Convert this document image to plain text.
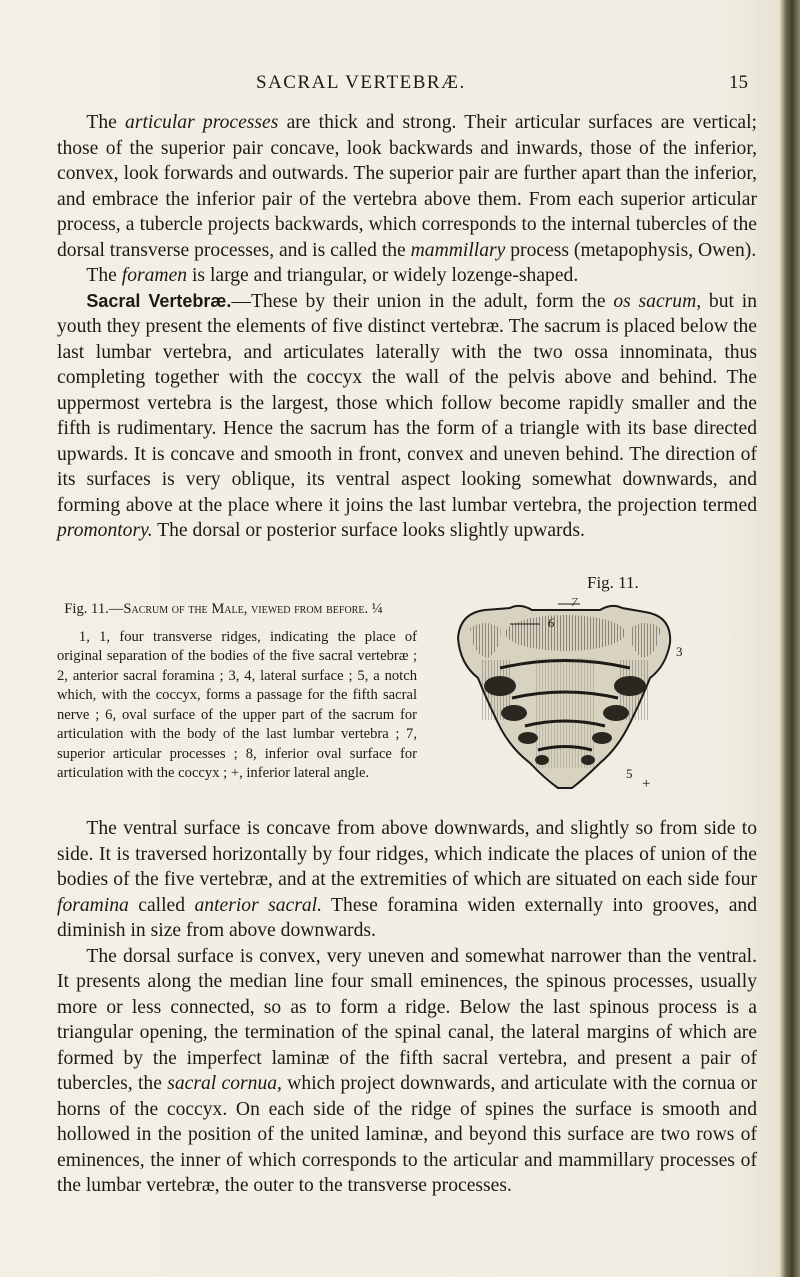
SACRAL VERTEBRÆ.	15

The articular processes are thick and strong. Their articular surfaces are vertical; those of the superior pair concave, look backwards and inwards, those of the inferior, convex, look forwards and outwards. The superior pair are further apart than the inferior, and embrace the inferior pair of the vertebra above them. From each superior articular process, a tubercle projects backwards, which corresponds to the internal tubercles of the dorsal transverse processes, and is called the mammillary process (metapophysis, Owen).

The foramen is large and triangular, or widely lozenge-shaped.

Sacral Vertebræ.—These by their union in the adult, form the os sacrum, but in youth they present the elements of five distinct vertebræ. The sacrum is placed below the last lumbar vertebra, and articulates laterally with the two ossa innominata, thus completing together with the coccyx the wall of the pelvis above and behind. The uppermost vertebra is the largest, those which follow become rapidly smaller and the fifth is rudimentary. Hence the sacrum has the form of a triangle with its base directed upwards. It is concave and smooth in front, convex and uneven behind. The direction of its surfaces is very oblique, its ventral aspect looking somewhat downwards, and forming above at the place where it joins the last lumbar vertebra, the projection termed promontory. The dorsal or posterior surface looks slightly upwards.

Fig. 11.
Fig. 11.—Sacrum of the Male, viewed from before. ¼
1, 1, four transverse ridges, indicating the place of original separation of the bodies of the five sacral vertebræ ; 2, anterior sacral foramina ; 3, 4, lateral surface ; 5, a notch which, with the coccyx, forms a passage for the fifth sacral nerve ; 6, oval surface of the upper part of the sacrum for articulation with the body of the last lumbar vertebra ; 7, superior articular processes ; 8, inferior oval surface for articulation with the coccyx ; +, inferior lateral angle.
7
6
3
5
+

The ventral surface is concave from above downwards, and slightly so from side to side. It is traversed horizontally by four ridges, which indicate the places of union of the bodies of the five vertebræ, and at the extremities of which are situated on each side four foramina called anterior sacral. These foramina widen externally into grooves, and diminish in size from above downwards.

The dorsal surface is convex, very uneven and somewhat narrower than the ventral. It presents along the median line four small eminences, the spinous processes, usually more or less connected, so as to form a ridge. Below the last spinous process is a triangular opening, the termination of the spinal canal, the lateral margins of which are formed by the imperfect laminæ of the fifth sacral vertebra, and present a pair of tubercles, the sacral cornua, which project downwards, and articulate with the cornua or horns of the coccyx. On each side of the ridge of spines the surface is smooth and hollowed in the position of the united laminæ, and beyond this surface are two rows of eminences, the inner of which corresponds to the articular and mammillary processes of the lumbar vertebræ, the outer to the transverse processes.
